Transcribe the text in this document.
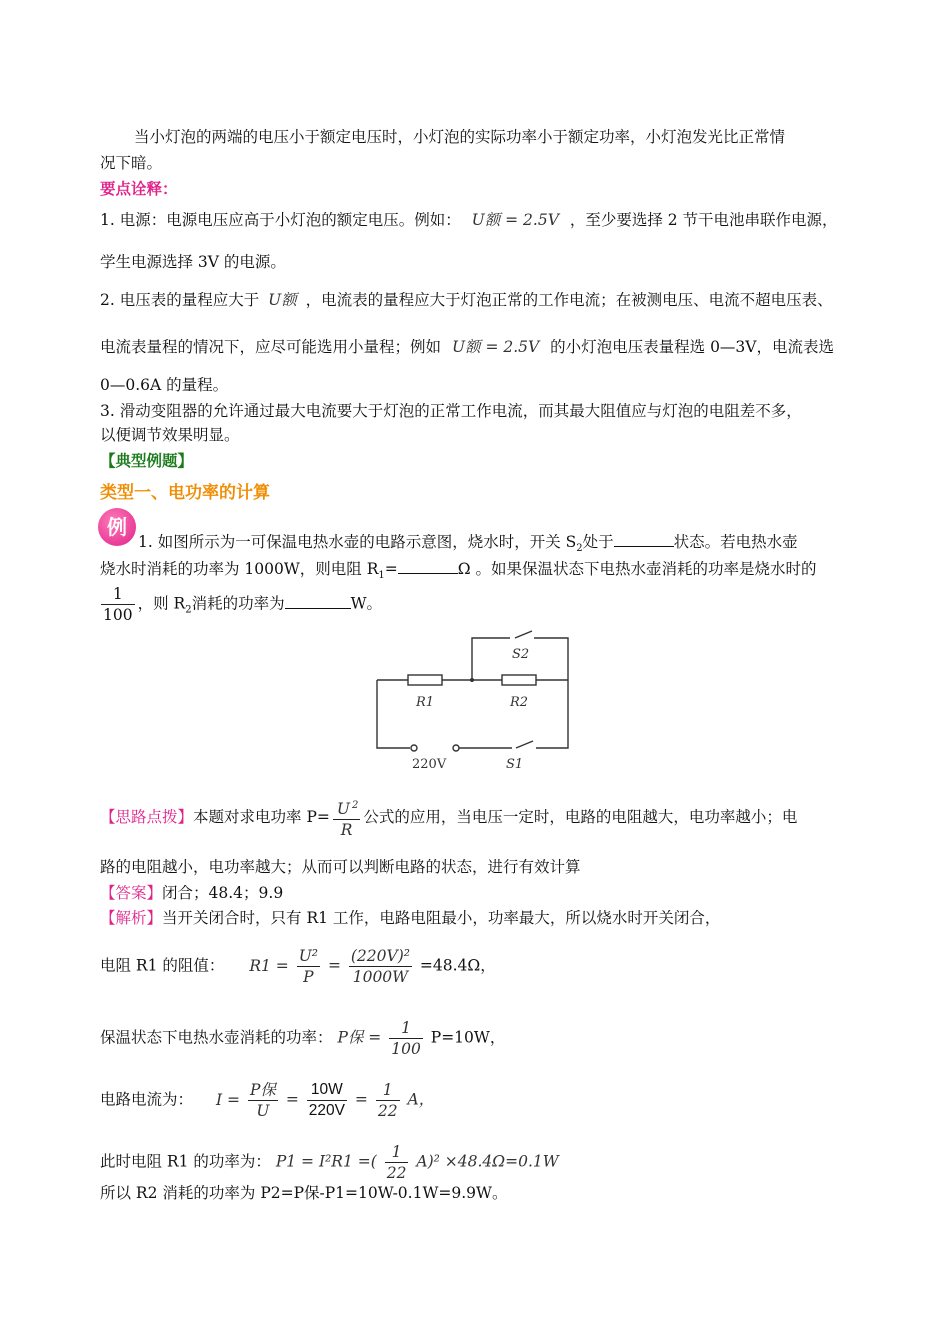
当小灯泡的两端的电压小于额定电压时，小灯泡的实际功率小于额定功率，小灯泡发光比正常情
况下暗。
要点诠释：
1. 电源：电源电压应高于小灯泡的额定电压。例如： U额 = 2.5V ，至少要选择 2 节干电池串联作电源，
学生电源选择 3V 的电源。
2. 电压表的量程应大于 U额 ，电流表的量程应大于灯泡正常的工作电流；在被测电压、电流不超电压表、
电流表量程的情况下，应尽可能选用小量程；例如 U额 = 2.5V 的小灯泡电压表量程选 0—3V，电流表选
0—0.6A 的量程。
3. 滑动变阻器的允许通过最大电流要大于灯泡的正常工作电流，而其最大阻值应与灯泡的电阻差不多，
以便调节效果明显。
【典型例题】
类型一、电功率的计算
例
1. 如图所示为一可保温电热水壶的电路示意图，烧水时，开关 $S_2$处于	状态。若电热水壶
烧水时消耗的功率为 1000W，则电阻 $R_1=$	Ω 。如果保温状态下电热水壶消耗的功率是烧水时的
$\frac{1}{100}$ ，则 $R_2$消耗的功率为	W。
S2
R1	R2
220V	S1
【思路点拨】本题对求电功率 $P= \frac{U ^2}{R}$ 公式的应用，当电压一定时，电路的电阻越大，电功率越小；电
路的电阻越小，电功率越大；从而可以判断电路的状态，进行有效计算
【答案】闭合；48.4；9.9
【解析】当开关闭合时，只有 R1 工作，电路电阻最小，功率最大，所以烧水时开关闭合，
电阻 R1 的阻值： $R1 = \frac{\text{U²}}{P} = \frac{\text{(220V)²}}{1000W} =48.4\Omega$，
保温状态下电热水壶消耗的功率： P保 = $\frac{1}{100} P=10W$，
电路电流为： $I = \frac{\text{P保}}{U} = \frac{10W}{220V} = \frac{1}{22}$ A，
此时电阻 R1 的功率为： P1 = I²R1 =( $\frac{1}{22} A)^2 \times 48.4\Omega=0.1W$
所以 R2 消耗的功率为 P2=P保-P1=10W-0.1W=9.9W。
